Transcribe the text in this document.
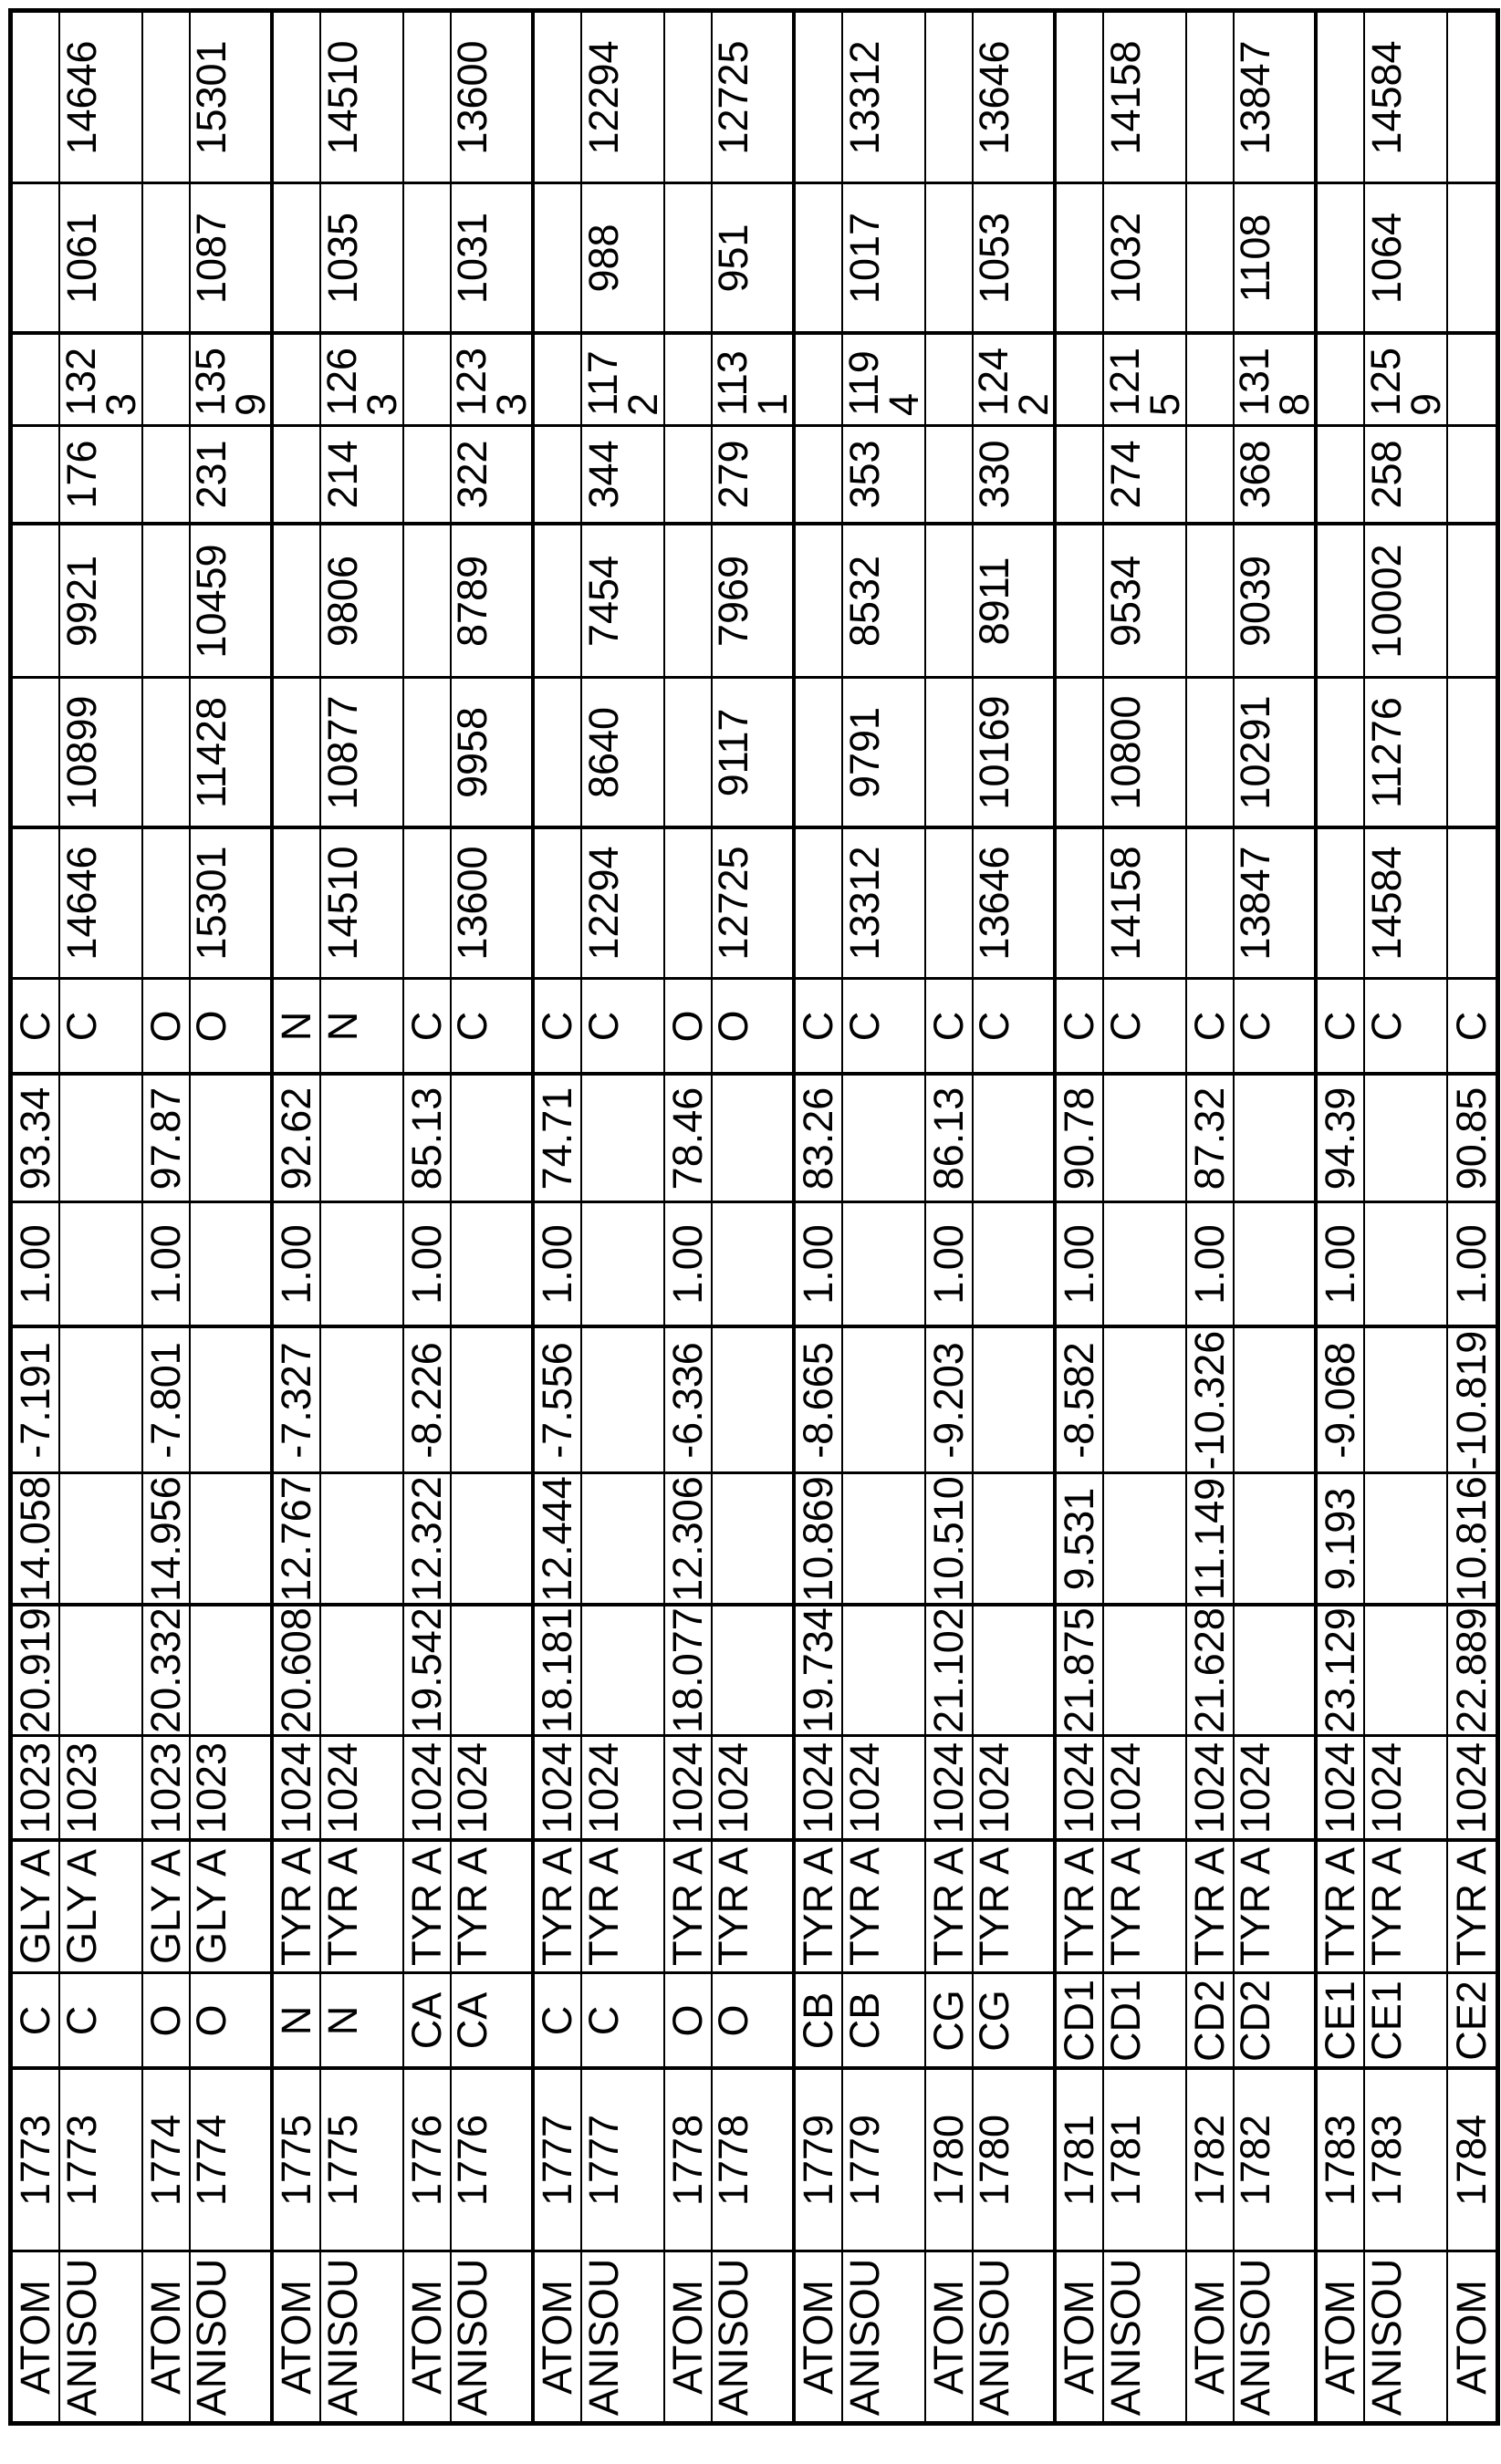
14646 15301 14510 13600 12294 12725 13312 13646 14158 13847 14584
1061 1087 1035 1031 988 951 1017 1053 1032 1108 1064
1323 1359 1263 1233 1172 1131 1194 1242 1215 1318 1259
176 231 214 322 344 279 353 330 274 368 258
9921 10459 9806 8789 7454 7969 8532 8911 9534 9039 10002
10899 11428 10877 9958 8640 9117 9791 10169 10800 10291 11276
14646 15301 14510 13600 12294 12725 13312 13646 14158 13847 14584
C C O O N N C C C C O O C C C C C C C C C C C
93.34 97.87 92.62 85.13 74.71 78.46 83.26 86.13 90.78 87.32 94.39 90.85
1.00 1.00 1.00 1.00 1.00 1.00 1.00 1.00 1.00 1.00 1.00 1.00
-7.191 -7.801 -7.327 -8.226 -7.556 -6.336 -8.665 -9.203 -8.582 -10.326 -9.068 -10.819
14.058 14.956 12.767 12.322 12.444 12.306 10.869 10.510 9.531 11.149 9.193 10.816
20.919 20.332 20.608 19.542 18.181 18.077 19.734 21.102 21.875 21.628 23.129 22.889
1023 1023 1023 1023 1024 1024 1024 1024 1024 1024 1024 1024 1024 1024 1024 1024 1024 1024 1024 1024 1024 1024 1024
GLY A GLY A GLY A GLY A TYR A TYR A TYR A TYR A TYR A TYR A TYR A TYR A TYR A TYR A TYR A TYR A TYR A TYR A TYR A TYR A TYR A TYR A TYR A
C C O O N N CA CA C C O O CB CB CG CG CD1 CD1 CD2 CD2 CE1 CE1 CE2
1773 1773 1774 1774 1775 1775 1776 1776 1777 1777 1778 1778 1779 1779 1780 1780 1781 1781 1782 1782 1783 1783 1784
ATOM ANISOU ATOM ANISOU ATOM ANISOU ATOM ANISOU ATOM ANISOU ATOM ANISOU ATOM ANISOU ATOM ANISOU ATOM ANISOU ATOM ANISOU ATOM ANISOU ATOM
